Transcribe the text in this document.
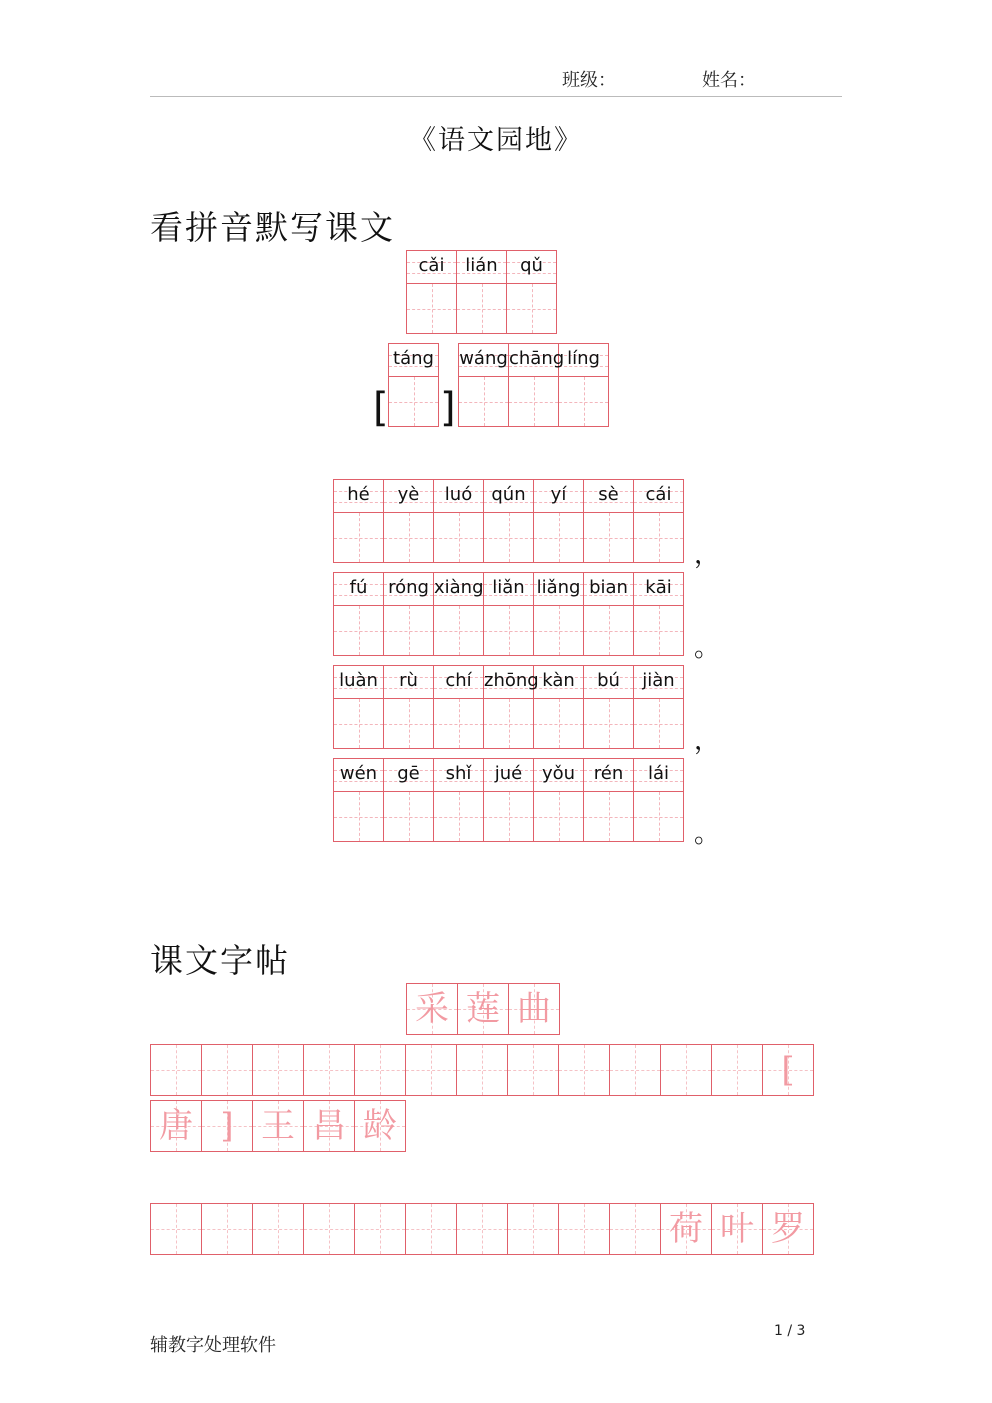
班级：	姓名：
《语文园地》
看拼音默写课文
cǎi	lián	qǔ
[
táng
]
wáng chāng líng
hé	yè	luó	qún	yí	sè	cái
，
fú	róng xiàng liǎn liǎng bian kāi
。
luàn	rù	chí zhōng kàn	bú	jiàn
，
wén	gē	shǐ	jué	yǒu	rén	lái
。
课文字帖
采 莲 曲
[
唐 ] 王 昌 龄
荷 叶 罗
1 / 3
辅教字处理软件
